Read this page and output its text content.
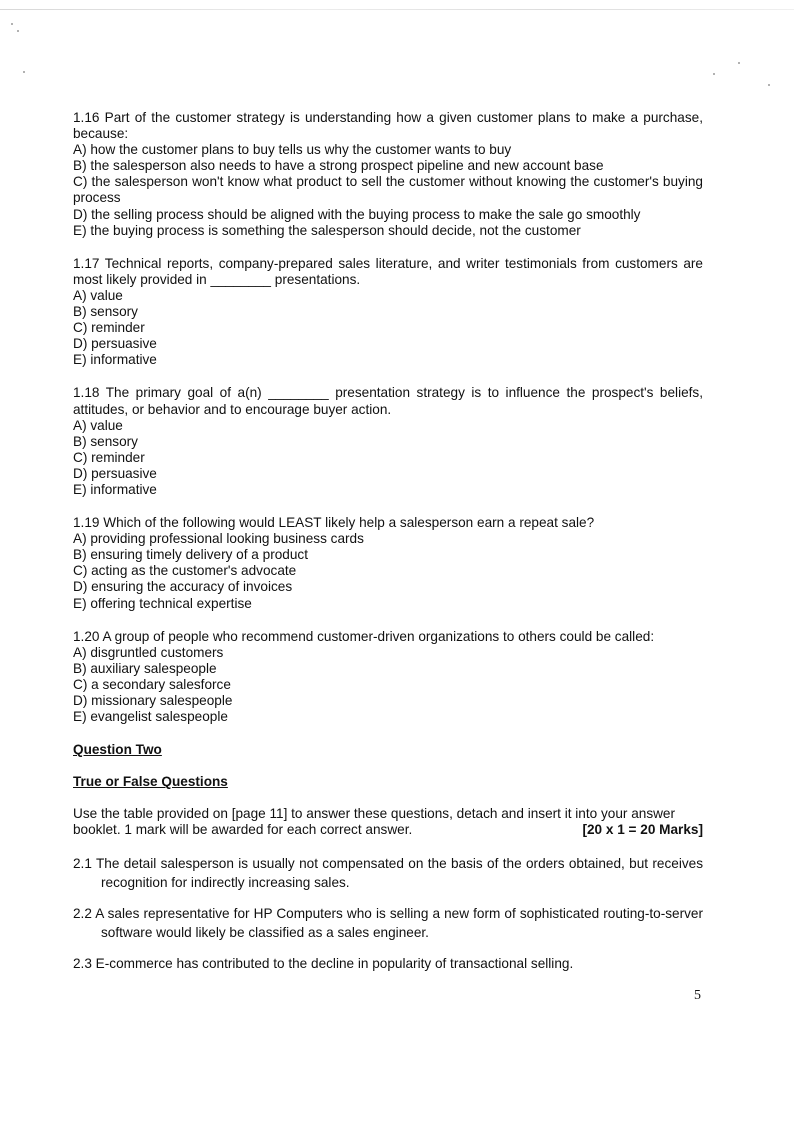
1.16 Part of the customer strategy is understanding how a given customer plans to make a purchase, because:
A) how the customer plans to buy tells us why the customer wants to buy
B) the salesperson also needs to have a strong prospect pipeline and new account base
C) the salesperson won't know what product to sell the customer without knowing the customer's buying process
D) the selling process should be aligned with the buying process to make the sale go smoothly
E) the buying process is something the salesperson should decide, not the customer
1.17 Technical reports, company-prepared sales literature, and writer testimonials from customers are most likely provided in ________ presentations.
A) value
B) sensory
C) reminder
D) persuasive
E) informative
1.18 The primary goal of a(n) ________ presentation strategy is to influence the prospect's beliefs, attitudes, or behavior and to encourage buyer action.
A) value
B) sensory
C) reminder
D) persuasive
E) informative
1.19 Which of the following would LEAST likely help a salesperson earn a repeat sale?
A) providing professional looking business cards
B) ensuring timely delivery of a product
C) acting as the customer's advocate
D) ensuring the accuracy of invoices
E) offering technical expertise
1.20 A group of people who recommend customer-driven organizations to others could be called:
A) disgruntled customers
B) auxiliary salespeople
C) a secondary salesforce
D) missionary salespeople
E) evangelist salespeople
Question Two
True or False Questions
Use the table provided on [page 11] to answer these questions, detach and insert it into your answer
booklet. 1 mark will be awarded for each correct answer.	[20 x 1 = 20 Marks]
2.1 The detail salesperson is usually not compensated on the basis of the orders obtained, but receives recognition for indirectly increasing sales.
2.2 A sales representative for HP Computers who is selling a new form of sophisticated routing-to-server software would likely be classified as a sales engineer.
2.3 E-commerce has contributed to the decline in popularity of transactional selling.
5
